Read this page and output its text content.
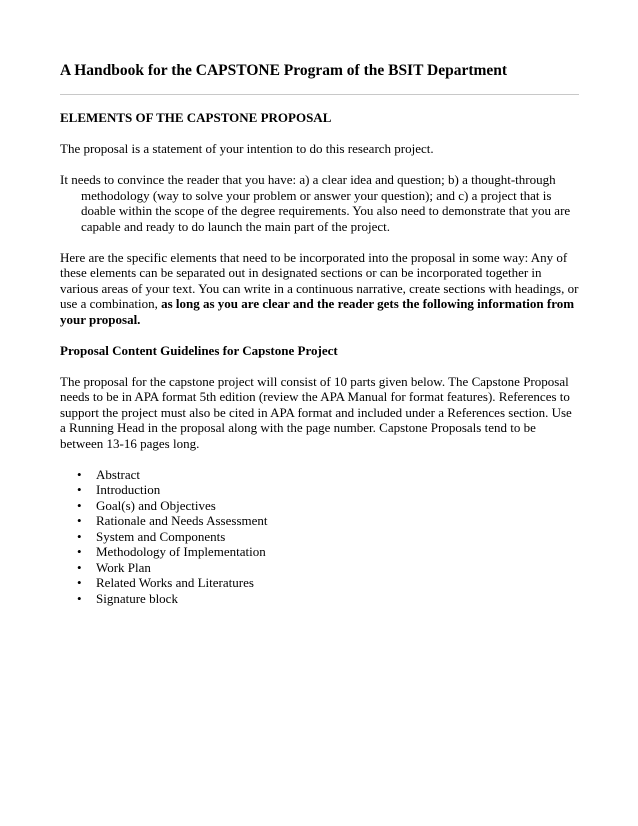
A Handbook for the CAPSTONE Program of the BSIT Department

ELEMENTS OF THE CAPSTONE PROPOSAL

The proposal is a statement of your intention to do this research project.

It needs to convince the reader that you have: a) a clear idea and question; b) a thought-through methodology (way to solve your problem or answer your question); and c) a project that is doable within the scope of the degree requirements. You also need to demonstrate that you are capable and ready to do launch the main part of the project.

Here are the specific elements that need to be incorporated into the proposal in some way: Any of these elements can be separated out in designated sections or can be incorporated together in various areas of your text. You can write in a continuous narrative, create sections with headings, or use a combination, as long as you are clear and the reader gets the following information from your proposal.

Proposal Content Guidelines for Capstone Project

The proposal for the capstone project will consist of 10 parts given below. The Capstone Proposal needs to be in APA format 5th edition (review the APA Manual for format features). References to support the project must also be cited in APA format and included under a References section. Use a Running Head in the proposal along with the page number. Capstone Proposals tend to be between 13-16 pages long.

• Abstract
• Introduction
• Goal(s) and Objectives
• Rationale and Needs Assessment
• System and Components
• Methodology of Implementation
• Work Plan
• Related Works and Literatures
• Signature block
